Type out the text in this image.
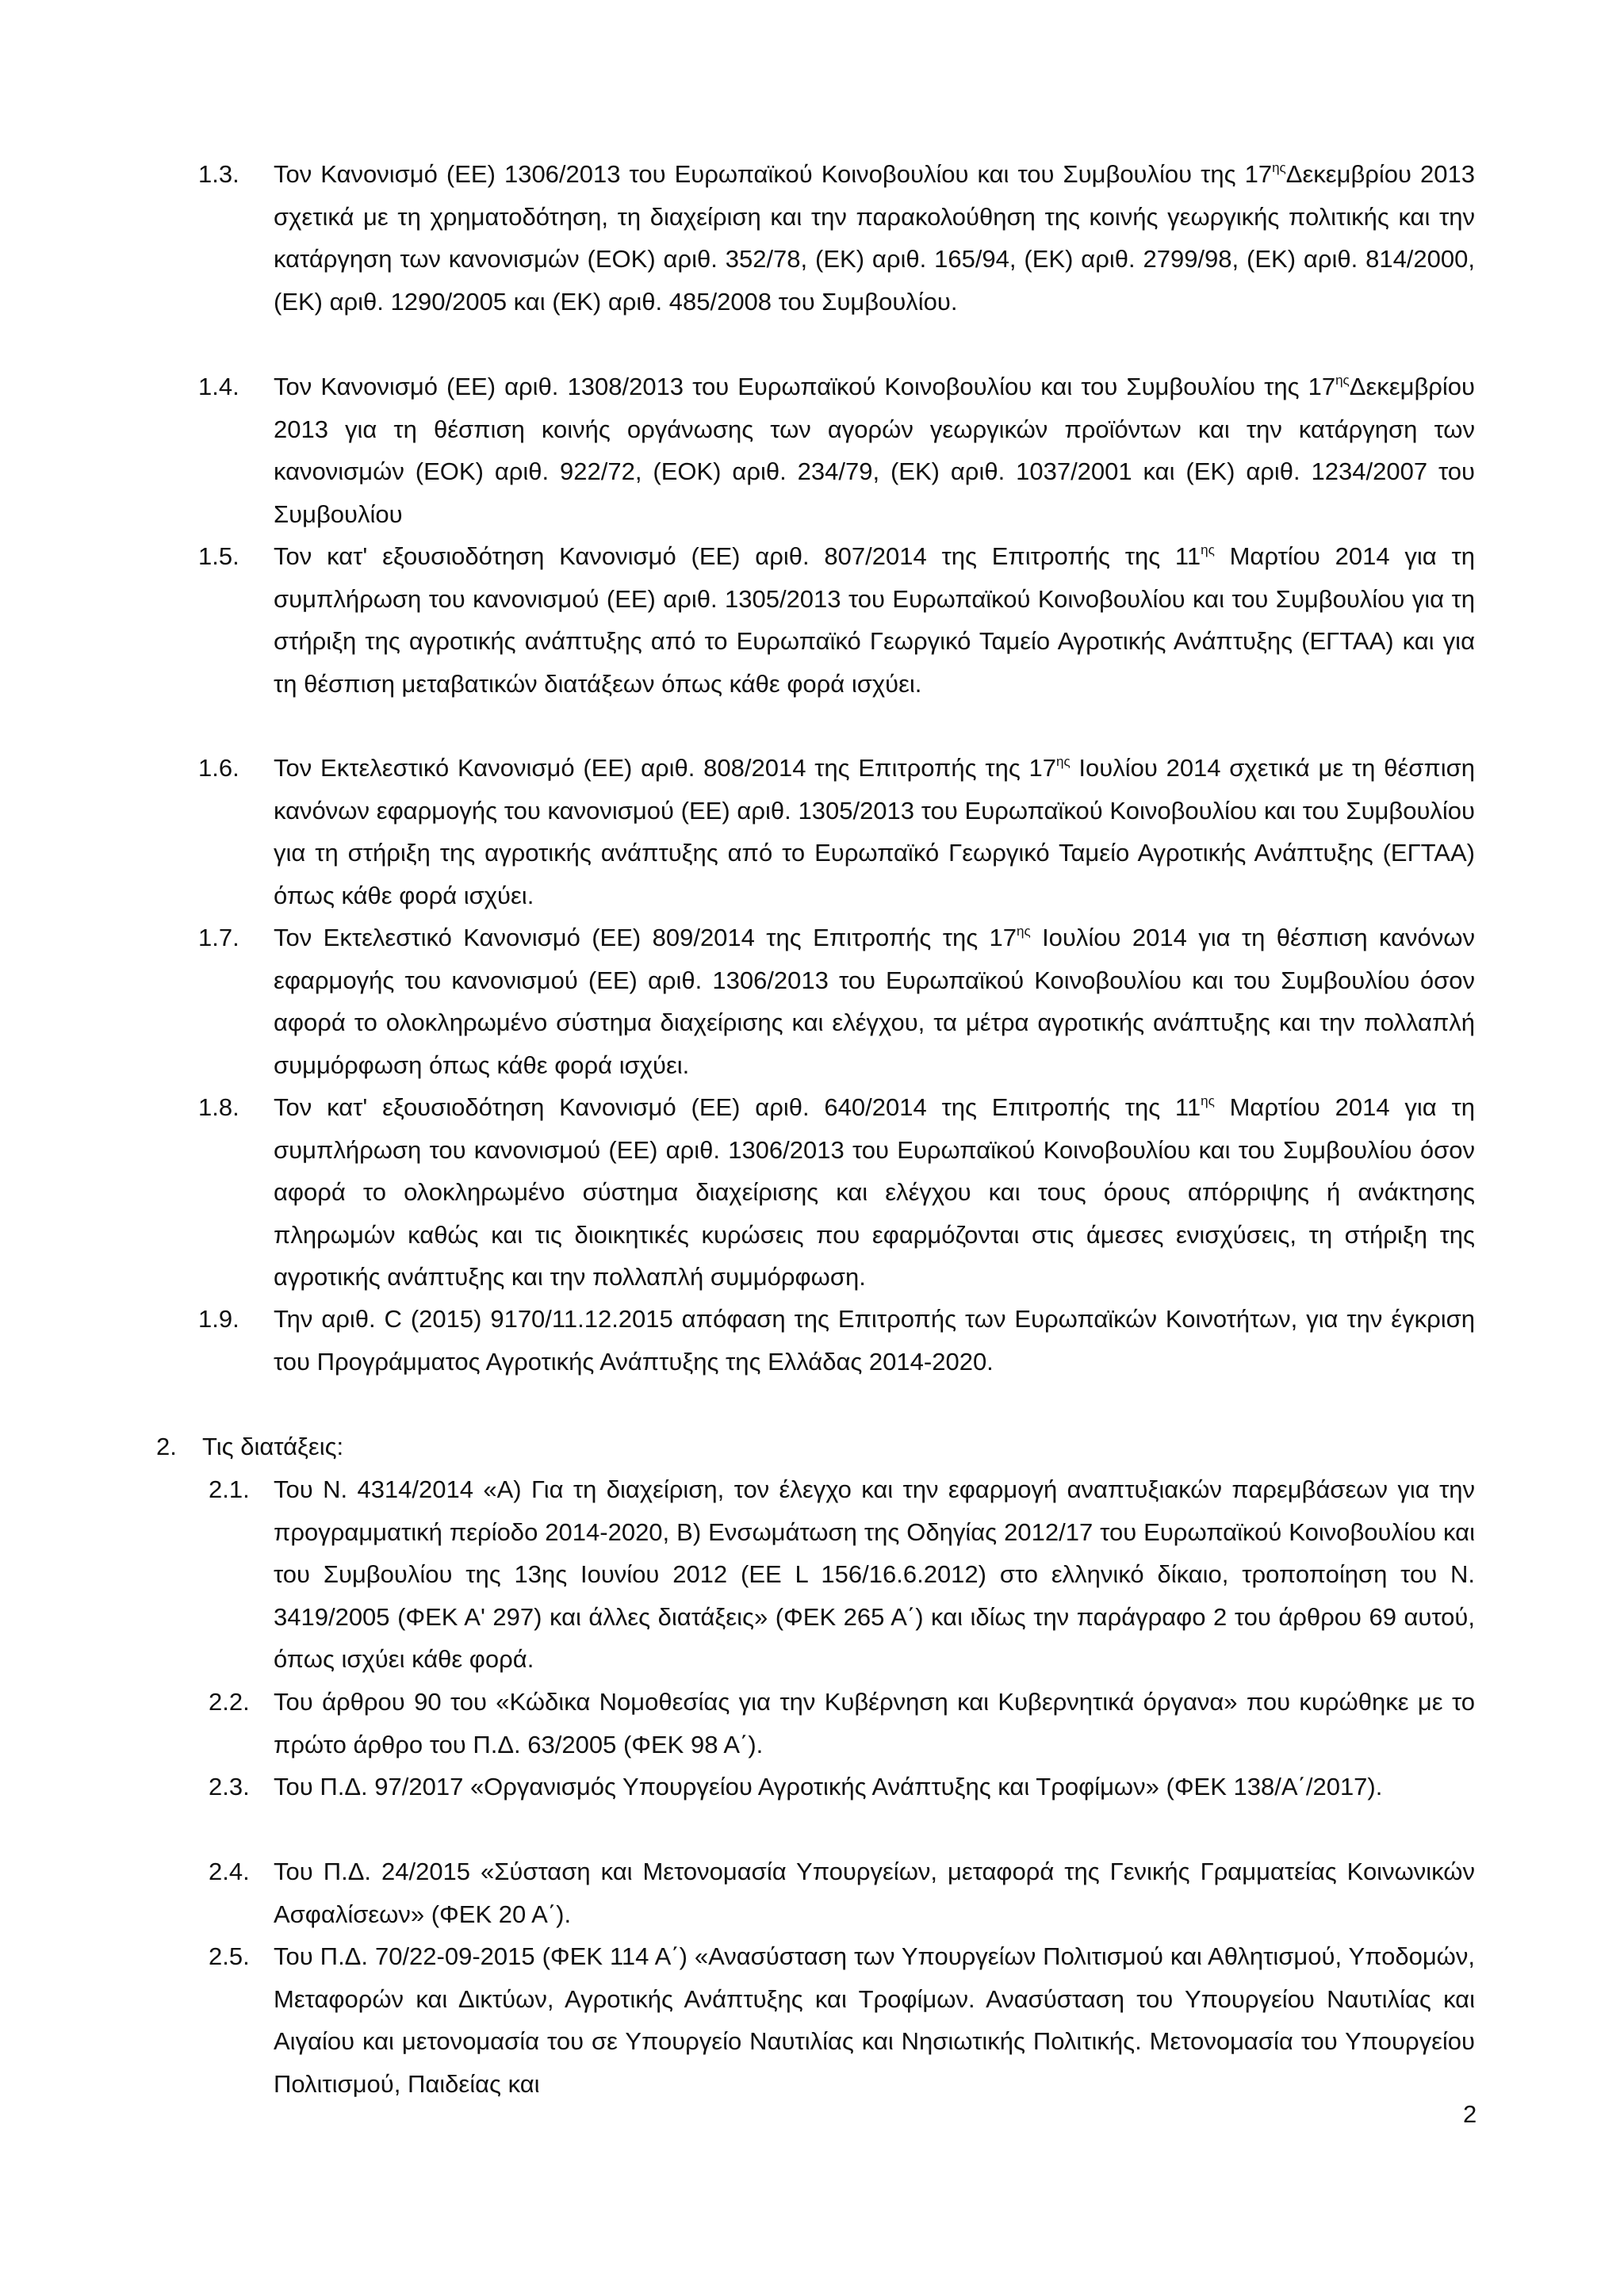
1.3. Τον Κανονισμό (ΕΕ) 1306/2013 του Ευρωπαϊκού Κοινοβουλίου και του Συμβουλίου της $17^{\eta\varsigma}\Delta\varepsilon\kappa\varepsilon\mu\beta\rho ίo\upsilon$ 2013 σχετικά με τη χρηματοδότηση, τη διαχείριση και την παρακολούθηση της κοινής γεωργικής πολιτικής και την κατάργηση των κανονισμών (ΕΟΚ) αριθ. 352/78, (ΕΚ) αριθ. 165/94, (ΕΚ) αριθ. 2799/98, (ΕΚ) αριθ. 814/2000, (ΕΚ) αριθ. 1290/2005 και (ΕΚ) αριθ. 485/2008 του Συμβουλίου.
1.4. Τον Κανονισμό (ΕΕ) αριθ. 1308/2013 του Ευρωπαϊκού Κοινοβουλίου και του Συμβουλίου της $17^{\eta\varsigma}\Delta\varepsilon\kappa\varepsilon\mu\beta\rho ίo\upsilon$ 2013 για τη θέσπιση κοινής οργάνωσης των αγορών γεωργικών προϊόντων και την κατάργηση των κανονισμών (ΕΟΚ) αριθ. 922/72, (ΕΟΚ) αριθ. 234/79, (ΕΚ) αριθ. 1037/2001 και (ΕΚ) αριθ. 1234/2007 του Συμβουλίου
1.5. Τον κατ' εξουσιοδότηση Κανονισμό (ΕΕ) αριθ. 807/2014 της Επιτροπής της $11^{\eta\varsigma}$ Μαρτίου 2014 για τη συμπλήρωση του κανονισμού (ΕΕ) αριθ. 1305/2013 του Ευρωπαϊκού Κοινοβουλίου και του Συμβουλίου για τη στήριξη της αγροτικής ανάπτυξης από το Ευρωπαϊκό Γεωργικό Ταμείο Αγροτικής Ανάπτυξης (ΕΓΤΑΑ) και για τη θέσπιση μεταβατικών διατάξεων όπως κάθε φορά ισχύει.
1.6. Τον Εκτελεστικό Κανονισμό (ΕΕ) αριθ. 808/2014 της Επιτροπής της $17^{\eta\varsigma}$ Ιουλίου 2014 σχετικά με τη θέσπιση κανόνων εφαρμογής του κανονισμού (ΕΕ) αριθ. 1305/2013 του Ευρωπαϊκού Κοινοβουλίου και του Συμβουλίου για τη στήριξη της αγροτικής ανάπτυξης από το Ευρωπαϊκό Γεωργικό Ταμείο Αγροτικής Ανάπτυξης (ΕΓΤΑΑ) όπως κάθε φορά ισχύει.
1.7. Τον Εκτελεστικό Κανονισμό (ΕΕ) 809/2014 της Επιτροπής της $17^{\eta\varsigma}$ Ιουλίου 2014 για τη θέσπιση κανόνων εφαρμογής του κανονισμού (ΕΕ) αριθ. 1306/2013 του Ευρωπαϊκού Κοινοβουλίου και του Συμβουλίου όσον αφορά το ολοκληρωμένο σύστημα διαχείρισης και ελέγχου, τα μέτρα αγροτικής ανάπτυξης και την πολλαπλή συμμόρφωση όπως κάθε φορά ισχύει.
1.8. Τον κατ' εξουσιοδότηση Κανονισμό (ΕΕ) αριθ. 640/2014 της Επιτροπής της $11^{\eta\varsigma}$ Μαρτίου 2014 για τη συμπλήρωση του κανονισμού (ΕΕ) αριθ. 1306/2013 του Ευρωπαϊκού Κοινοβουλίου και του Συμβουλίου όσον αφορά το ολοκληρωμένο σύστημα διαχείρισης και ελέγχου και τους όρους απόρριψης ή ανάκτησης πληρωμών καθώς και τις διοικητικές κυρώσεις που εφαρμόζονται στις άμεσες ενισχύσεις, τη στήριξη της αγροτικής ανάπτυξης και την πολλαπλή συμμόρφωση.
1.9. Την αριθ. C (2015) 9170/11.12.2015 απόφαση της Επιτροπής των Ευρωπαϊκών Κοινοτήτων, για την έγκριση του Προγράμματος Αγροτικής Ανάπτυξης της Ελλάδας 2014-2020.
2. Τις διατάξεις:
2.1. Του Ν. 4314/2014 «Α) Για τη διαχείριση, τον έλεγχο και την εφαρμογή αναπτυξιακών παρεμβάσεων για την προγραμματική περίοδο 2014-2020, Β) Ενσωμάτωση της Οδηγίας 2012/17 του Ευρωπαϊκού Κοινοβουλίου και του Συμβουλίου της 13ης Ιουνίου 2012 (ΕΕ L 156/16.6.2012) στο ελληνικό δίκαιο, τροποποίηση του Ν. 3419/2005 (ΦΕΚ Α' 297) και άλλες διατάξεις» (ΦΕΚ 265 Α΄) και ιδίως την παράγραφο 2 του άρθρου 69 αυτού, όπως ισχύει κάθε φορά.
2.2. Του άρθρου 90 του «Κώδικα Νομοθεσίας για την Κυβέρνηση και Κυβερνητικά όργανα» που κυρώθηκε με το πρώτο άρθρο του Π.Δ. 63/2005 (ΦΕΚ 98 Α΄).
2.3. Του Π.Δ. 97/2017 «Οργανισμός Υπουργείου Αγροτικής Ανάπτυξης και Τροφίμων» (ΦΕΚ 138/Α΄/2017).
2.4. Του Π.Δ. 24/2015 «Σύσταση και Μετονομασία Υπουργείων, μεταφορά της Γενικής Γραμματείας Κοινωνικών Ασφαλίσεων» (ΦΕΚ 20 Α΄).
2.5. Του Π.Δ. 70/22-09-2015 (ΦΕΚ 114 Α΄) «Ανασύσταση των Υπουργείων Πολιτισμού και Αθλητισμού, Υποδομών, Μεταφορών και Δικτύων, Αγροτικής Ανάπτυξης και Τροφίμων. Ανασύσταση του Υπουργείου Ναυτιλίας και Αιγαίου και μετονομασία του σε Υπουργείο Ναυτιλίας και Νησιωτικής Πολιτικής. Μετονομασία του Υπουργείου Πολιτισμού, Παιδείας και
2
